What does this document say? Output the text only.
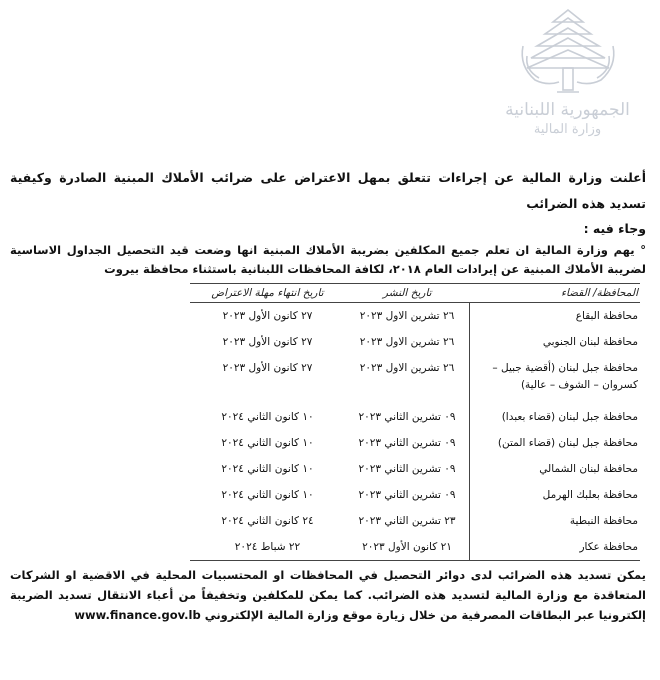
الجمهورية اللبنانية
وزارة المالية
أعلنت وزارة المالية عن إجراءات تتعلق بمهل الاعتراض على ضرائب الأملاك المبنية الصادرة وكيفية تسديد هذه الضرائب
وجاء فيه :
° يهم وزارة المالية ان تعلم جميع المكلفين بضريبة الأملاك المبنية انها وضعت قيد التحصيل الجداول الاساسية لضريبة الأملاك المبنية عن إيرادات العام ٢٠١٨، لكافة المحافظات اللبنانية باستثناء محافظة بيروت
المحافظة/ القضاء	تاريخ النشر	تاريخ انتهاء مهلة الاعتراض
محافظة البقاع	٢٦ تشرين الاول ٢٠٢٣	٢٧ كانون الأول ٢٠٢٣
محافظة لبنان الجنوبي	٢٦ تشرين الاول ٢٠٢٣	٢٧ كانون الأول ٢٠٢٣
محافظة جبل لبنان (أقضية جبيل – كسروان – الشوف – عالية)	٢٦ تشرين الاول ٢٠٢٣	٢٧ كانون الأول ٢٠٢٣
محافظة جبل لبنان (قضاء بعبدا)	٠٩ تشرين الثاني ٢٠٢٣	١٠ كانون الثاني ٢٠٢٤
محافظة جبل لبنان (قضاء المتن)	٠٩ تشرين الثاني ٢٠٢٣	١٠ كانون الثاني ٢٠٢٤
محافظة لبنان الشمالي	٠٩ تشرين الثاني ٢٠٢٣	١٠ كانون الثاني ٢٠٢٤
محافظة بعلبك الهرمل	٠٩ تشرين الثاني ٢٠٢٣	١٠ كانون الثاني ٢٠٢٤
محافظة النبطية	٢٣ تشرين الثاني ٢٠٢٣	٢٤ كانون الثاني ٢٠٢٤
محافظة عكار	٢١ كانون الأول ٢٠٢٣	٢٢ شباط ٢٠٢٤
يمكن تسديد هذه الضرائب لدى دوائر التحصيل في المحافظات او المحتسبيات المحلية في الاقضية او الشركات المتعاقدة مع وزارة المالية لتسديد هذه الضرائب. كما يمكن للمكلفين وتخفيفاً من أعباء الانتقال تسديد الضريبة إلكترونيا عبر البطاقات المصرفية من خلال زيارة موقع وزارة المالية الإلكتروني www.finance.gov.lb
